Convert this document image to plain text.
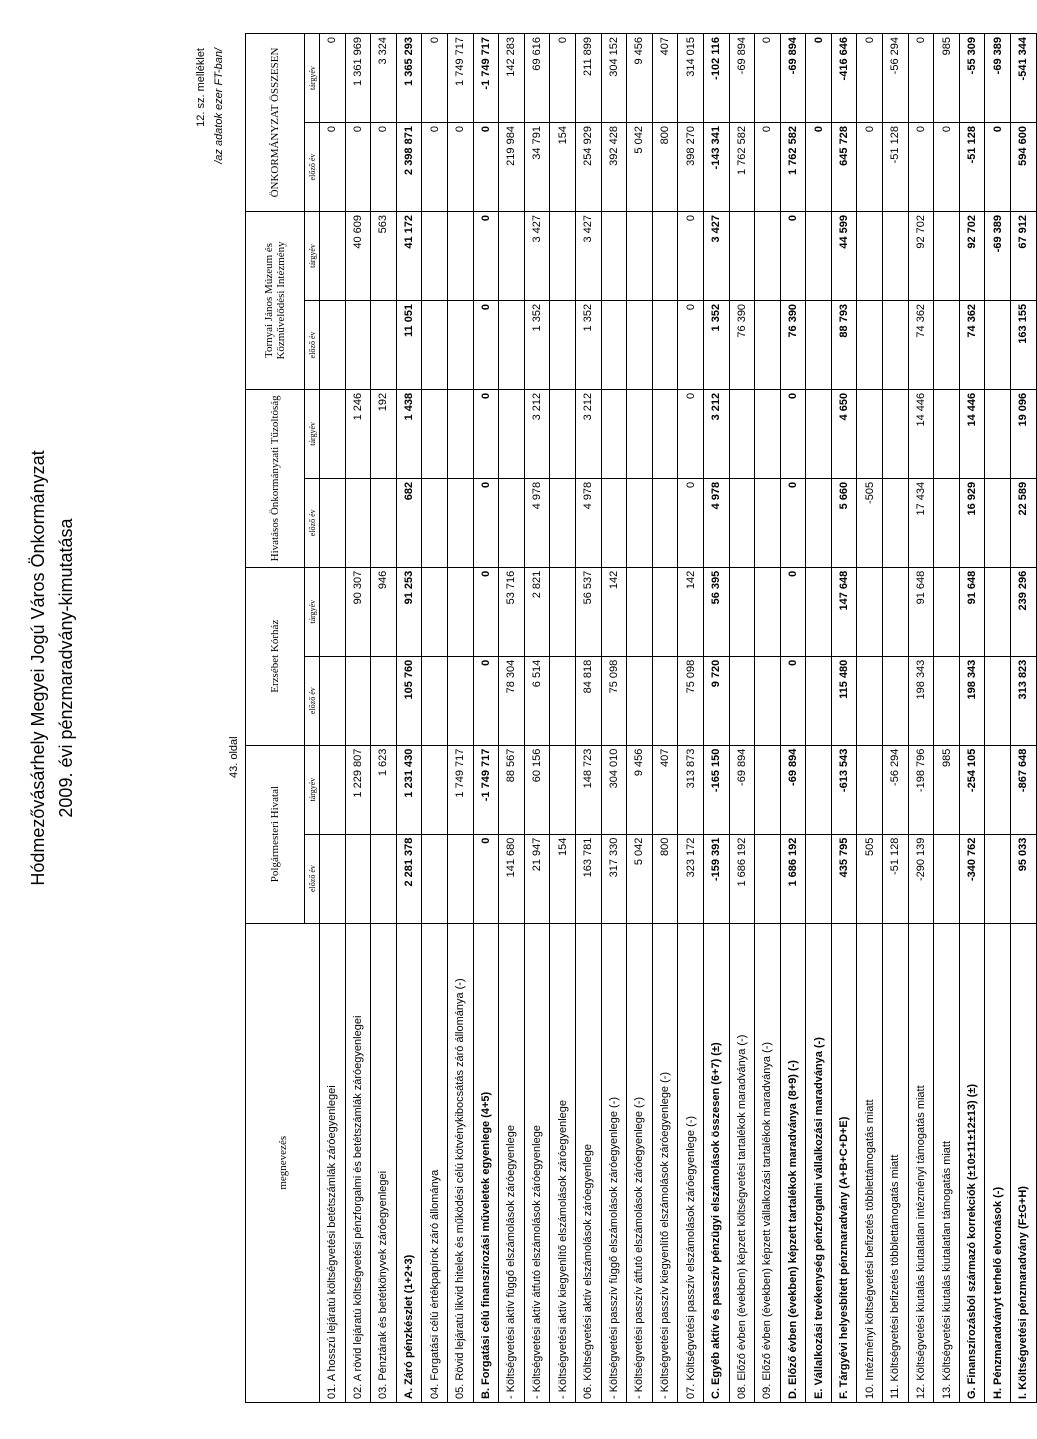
Hódmezővásárhely Megyei Jogú Város Önkormányzat 2009. évi pénzmaradvány-kimutatása
12. sz. melléklet /az adatok ezer FT-ban/
43. oldal
megnevezés	Polgármesteri Hivatal		Erzsébet Kórház		Hivatásos Önkormányzati Tűzoltóság		Tornyai János Múzeum és Közművelődési Intézmény		ÖNKORMÁNYZAT ÖSSZESEN	
	előző év	tárgyév	előző év	tárgyév	előző év	tárgyév	előző év	tárgyév	előző év	tárgyév
01. A hosszú lejáratú költségvetési betétszámlák záróegyenlegei									0	0
02. A rövid lejáratú költségvetési pénzforgalmi és betétszámlák záróegyenlegei		1 229 807		90 307		1 246		40 609	0	1 361 969
03. Pénztárak és betétkönyvek záróegyenlegei		1 623		946		192		563	0	3 324
A. Záró pénzkészlet (1+2+3)	2 281 378	1 231 430	105 760	91 253	682	1 438	11 051	41 172	2 398 871	1 365 293
04. Forgatási célú értékpapírok záró állománya									0	0
05. Rövid lejáratú likvid hitelek és működési célú kötvénykibocsátás záró állománya (-)		1 749 717							0	1 749 717
B. Forgatási célú finanszírozási műveletek egyenlege (4+5)	0	-1 749 717	0	0	0	0	0	0	0	-1 749 717
- Költségvetési aktív függő elszámolások záróegyenlege	141 680	88 567	78 304	53 716					219 984	142 283
- Költségvetési aktív átfutó elszámolások záróegyenlege	21 947	60 156	6 514	2 821	4 978	3 212	1 352	3 427	34 791	69 616
- Költségvetési aktív kiegyenlítő elszámolások záróegyenlege	154								154	0
06. Költségvetési aktív elszámolások záróegyenlege	163 781	148 723	84 818	56 537	4 978	3 212	1 352	3 427	254 929	211 899
- Költségvetési passzív függő elszámolások záróegyenlege (-)	317 330	304 010	75 098	142					392 428	304 152
- Költségvetési passzív átfutó elszámolások záróegyenlege (-)	5 042	9 456							5 042	9 456
- Költségvetési passzív kiegyenlítő elszámolások záróegyenlege (-)	800	407							800	407
07. Költségvetési passzív elszámolások záróegyenlege (-)	323 172	313 873	75 098	142	0	0	0	0	398 270	314 015
C. Egyéb aktív és passzív pénzügyi elszámolások összesen (6+7) (±)	-159 391	-165 150	9 720	56 395	4 978	3 212	1 352	3 427	-143 341	-102 116
08. Előző évben (években) képzett költségvetési tartalékok maradványa (-)	1 686 192	-69 894					76 390		1 762 582	-69 894
09. Előző évben (években) képzett vállalkozási tartalékok maradványa (-)									0	0
D. Előző évben (években) képzett tartalékok maradványa (8+9) (-)	1 686 192	-69 894	0	0	0	0	76 390	0	1 762 582	-69 894
E. Vállalkozási tevékenység pénzforgalmi vállalkozási maradványa (-)									0	0
F. Tárgyévi helyesbített pénzmaradvány (A+B+C+D+E)	435 795	-613 543	115 480	147 648	5 660	4 650	88 793	44 599	645 728	-416 646
10. Intézményi költségvetési befizetés többlettámogatás miatt	505				-505				0	0
11. Költségvetési befizetés többlettámogatás miatt	-51 128	-56 294							-51 128	-56 294
12. Költségvetési kiutalás kiutalatlan intézményi támogatás miatt	-290 139	-198 796	198 343	91 648	17 434	14 446	74 362	92 702	0	0
13. Költségvetési kiutalás kiutalatlan támogatás miatt		985							0	985
G. Finanszírozásból származó korrekciók (±10±11±12±13) (±)	-340 762	-254 105	198 343	91 648	16 929	14 446	74 362	92 702	-51 128	-55 309
H. Pénzmaradványt terhelő elvonások (-)								-69 389	0	-69 389
I. Költségvetési pénzmaradvány (F±G+H)	95 033	-867 648	313 823	239 296	22 589	19 096	163 155	67 912	594 600	-541 344
